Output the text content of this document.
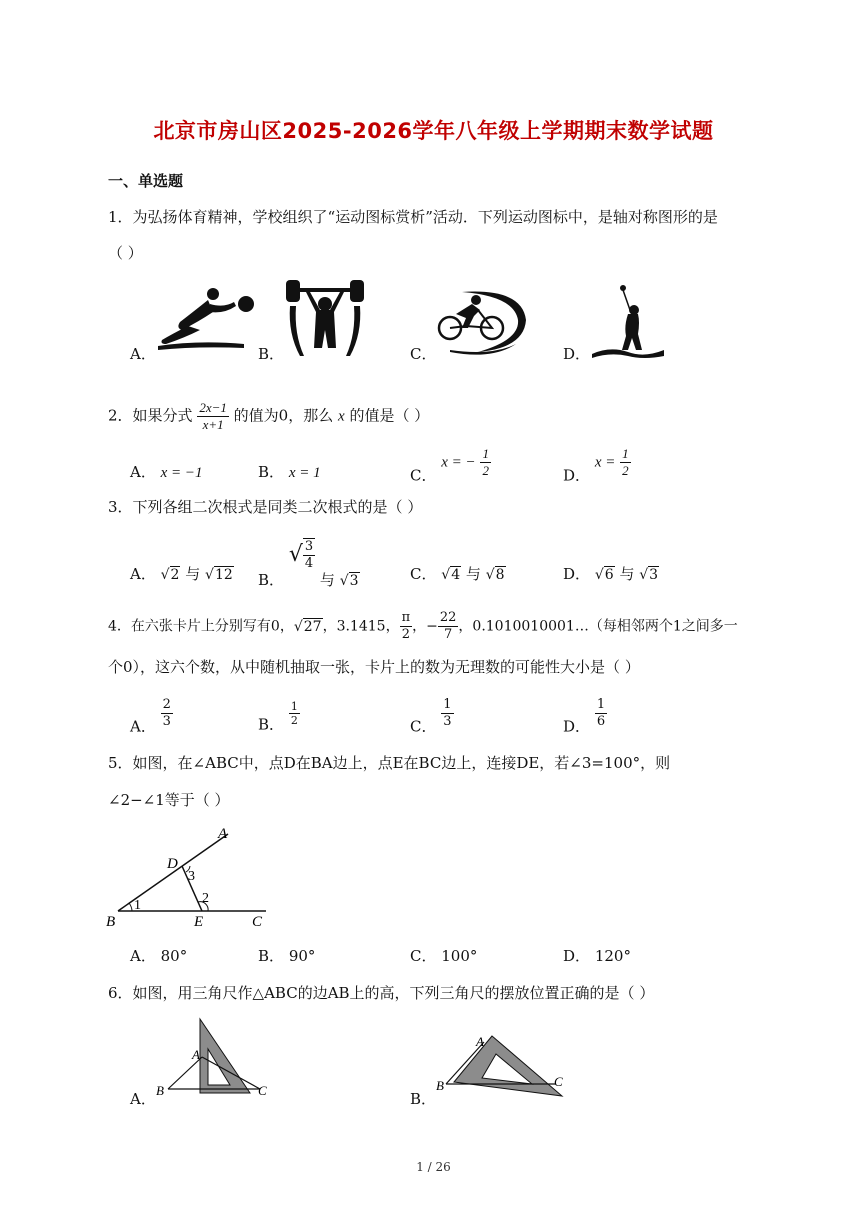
北京市房山区2025-2026学年八年级上学期期末数学试题
一、单选题
1．为弘扬体育精神，学校组织了“运动图标赏析”活动．下列运动图标中，是轴对称图形的是
（ ）
A．	B．	C．	D．
2．如果分式 $\frac{2x-1}{x+1}$ 的值为0，那么 x 的值是（ ）
A． x = −1	B． x = 1	C． x = − $\frac{1}{2}$	D． $x = \frac{1}{2}$
3．下列各组二次根式是同类二次根式的是（ ）
A． √2 与 √12 B． √ $\frac{3}{4}$
与 √3	C． √4 与 √8	D． √6 与 √3
4．在六张卡片上分别写有0，√27，3.1415， $\frac{\pi}{2}$ ，− $\frac{22}{7}$ ，0.1010010001…（每相邻两个1之间多一
个0），这六个数，从中随机抽取一张，卡片上的数为无理数的可能性大小是（ ）
A． $\frac{2}{3}$	B． $\frac{1}{2}$	C． $\frac{1}{3}$	D． $\frac{1}{6}$
5．如图，在∠ABC中，点D在BA边上，点E在BC边上，连接DE，若∠3=100°，则
∠2−∠1等于（ ）
A
B	C
D
E
1	2
3
A． 80°	B． 90°	C． 100°	D． 120°
6．如图，用三角尺作△ABC的边AB上的高，下列三角尺的摆放位置正确的是（ ）
A．
A
B	C	B．
A
B	C
1 / 26
